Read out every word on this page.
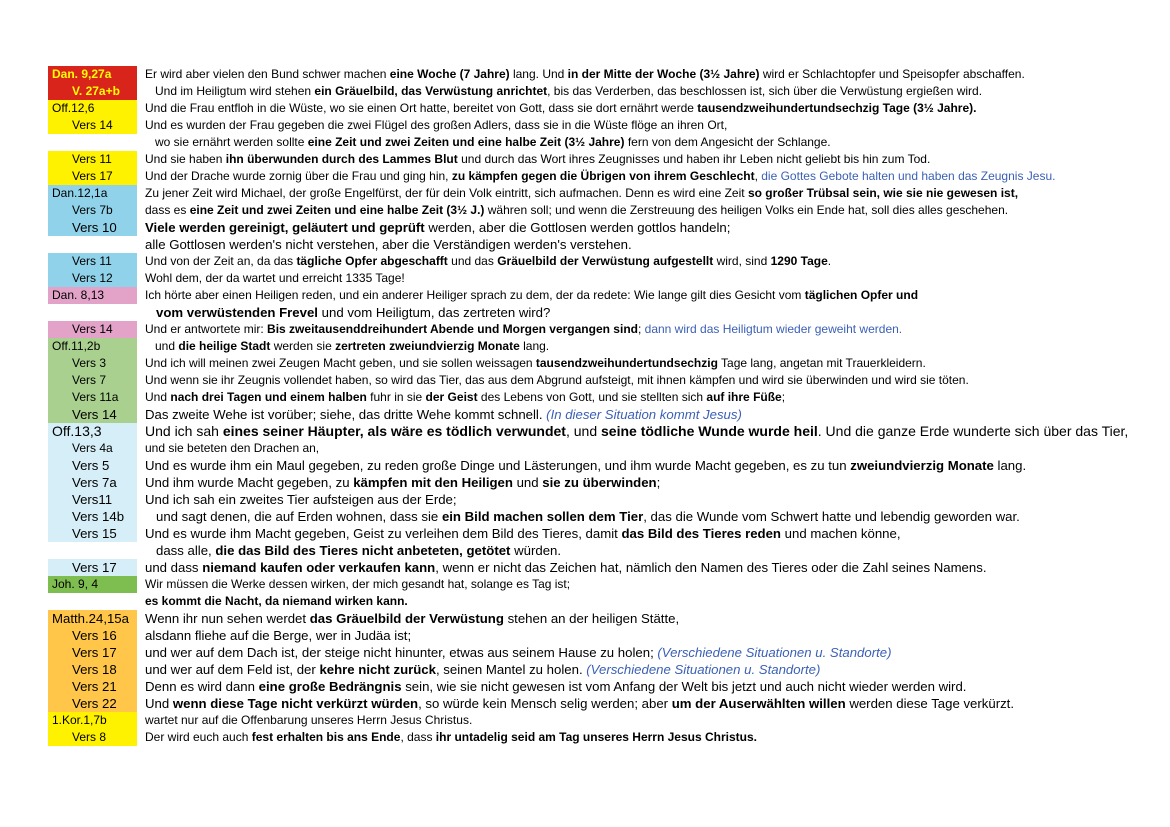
Dan. 9,27a	Er wird aber vielen den Bund schwer machen eine Woche (7 Jahre) lang. Und in der Mitte der Woche (3½ Jahre) wird er Schlachtopfer und Speisopfer abschaffen.
V. 27a+b	Und im Heiligtum wird stehen ein Gräuelbild, das Verwüstung anrichtet, bis das Verderben, das beschlossen ist, sich über die Verwüstung ergießen wird.
Off.12,6	Und die Frau entfloh in die Wüste, wo sie einen Ort hatte, bereitet von Gott, dass sie dort ernährt werde tausendzweihundertundsechzig Tage (3½ Jahre).
Vers 14	Und es wurden der Frau gegeben die zwei Flügel des großen Adlers, dass sie in die Wüste flöge an ihren Ort,
wo sie ernährt werden sollte eine Zeit und zwei Zeiten und eine halbe Zeit (3½ Jahre) fern von dem Angesicht der Schlange.
Vers 11	Und sie haben ihn überwunden durch des Lammes Blut und durch das Wort ihres Zeugnisses und haben ihr Leben nicht geliebt bis hin zum Tod.
Vers 17	Und der Drache wurde zornig über die Frau und ging hin, zu kämpfen gegen die Übrigen von ihrem Geschlecht, die Gottes Gebote halten und haben das Zeugnis Jesu.
Dan.12,1a	Zu jener Zeit wird Michael, der große Engelfürst, der für dein Volk eintritt, sich aufmachen. Denn es wird eine Zeit so großer Trübsal sein, wie sie nie gewesen ist,
Vers 7b	dass es eine Zeit und zwei Zeiten und eine halbe Zeit (3½ J.) währen soll; und wenn die Zerstreuung des heiligen Volks ein Ende hat, soll dies alles geschehen.
Vers 10	Viele werden gereinigt, geläutert und geprüft werden, aber die Gottlosen werden gottlos handeln;
alle Gottlosen werden's nicht verstehen, aber die Verständigen werden's verstehen.
Vers 11	Und von der Zeit an, da das tägliche Opfer abgeschafft und das Gräuelbild der Verwüstung aufgestellt wird, sind 1290 Tage.
Vers 12	Wohl dem, der da wartet und erreicht 1335 Tage!
Dan. 8,13	Ich hörte aber einen Heiligen reden, und ein anderer Heiliger sprach zu dem, der da redete: Wie lange gilt dies Gesicht vom täglichen Opfer und
vom verwüstenden Frevel und vom Heiligtum, das zertreten wird?
Vers 14	Und er antwortete mir: Bis zweitausenddreihundert Abende und Morgen vergangen sind; dann wird das Heiligtum wieder geweiht werden.
Off.11,2b	und die heilige Stadt werden sie zertreten zweiundvierzig Monate lang.
Vers 3	Und ich will meinen zwei Zeugen Macht geben, und sie sollen weissagen tausendzweihundertundsechzig Tage lang, angetan mit Trauerkleidern.
Vers 7	Und wenn sie ihr Zeugnis vollendet haben, so wird das Tier, das aus dem Abgrund aufsteigt, mit ihnen kämpfen und wird sie überwinden und wird sie töten.
Vers 11a	Und nach drei Tagen und einem halben fuhr in sie der Geist des Lebens von Gott, und sie stellten sich auf ihre Füße;
Vers 14	Das zweite Wehe ist vorüber; siehe, das dritte Wehe kommt schnell. (In dieser Situation kommt Jesus)
Off.13,3	Und ich sah eines seiner Häupter, als wäre es tödlich verwundet, und seine tödliche Wunde wurde heil. Und die ganze Erde wunderte sich über das Tier,
Vers 4a	und sie beteten den Drachen an,
Vers 5	Und es wurde ihm ein Maul gegeben, zu reden große Dinge und Lästerungen, und ihm wurde Macht gegeben, es zu tun zweiundvierzig Monate lang.
Vers 7a	Und ihm wurde Macht gegeben, zu kämpfen mit den Heiligen und sie zu überwinden;
Vers11	Und ich sah ein zweites Tier aufsteigen aus der Erde;
Vers 14b	und sagt denen, die auf Erden wohnen, dass sie ein Bild machen sollen dem Tier, das die Wunde vom Schwert hatte und lebendig geworden war.
Vers 15	Und es wurde ihm Macht gegeben, Geist zu verleihen dem Bild des Tieres, damit das Bild des Tieres reden und machen könne,
dass alle, die das Bild des Tieres nicht anbeteten, getötet würden.
Vers 17	und dass niemand kaufen oder verkaufen kann, wenn er nicht das Zeichen hat, nämlich den Namen des Tieres oder die Zahl seines Namens.
Joh. 9, 4	Wir müssen die Werke dessen wirken, der mich gesandt hat, solange es Tag ist;
es kommt die Nacht, da niemand wirken kann.
Matth.24,15a	Wenn ihr nun sehen werdet das Gräuelbild der Verwüstung stehen an der heiligen Stätte,
Vers 16	alsdann fliehe auf die Berge, wer in Judäa ist;
Vers 17	und wer auf dem Dach ist, der steige nicht hinunter, etwas aus seinem Hause zu holen; (Verschiedene Situationen u. Standorte)
Vers 18	und wer auf dem Feld ist, der kehre nicht zurück, seinen Mantel zu holen. (Verschiedene Situationen u. Standorte)
Vers 21	Denn es wird dann eine große Bedrängnis sein, wie sie nicht gewesen ist vom Anfang der Welt bis jetzt und auch nicht wieder werden wird.
Vers 22	Und wenn diese Tage nicht verkürzt würden, so würde kein Mensch selig werden; aber um der Auserwählten willen werden diese Tage verkürzt.
1.Kor.1,7b	wartet nur auf die Offenbarung unseres Herrn Jesus Christus.
Vers 8	Der wird euch auch fest erhalten bis ans Ende, dass ihr untadelig seid am Tag unseres Herrn Jesus Christus.
